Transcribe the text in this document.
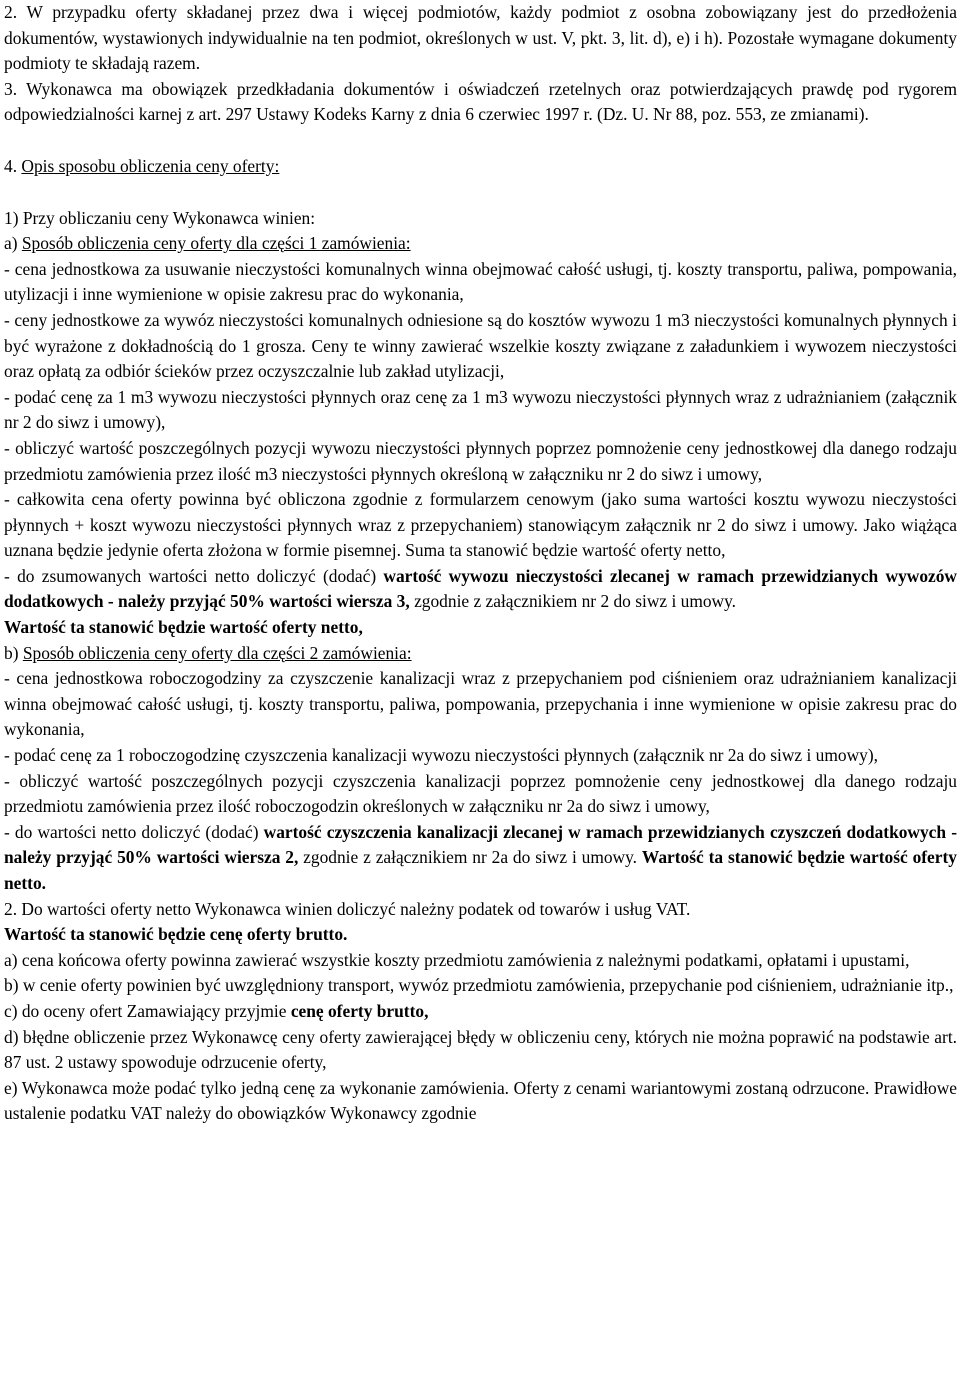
2. W przypadku oferty składanej przez dwa i więcej podmiotów, każdy podmiot z osobna zobowiązany jest do przedłożenia dokumentów, wystawionych indywidualnie na ten podmiot, określonych w ust. V, pkt. 3, lit. d), e) i h). Pozostałe wymagane dokumenty podmioty te składają razem.

3. Wykonawca ma obowiązek przedkładania dokumentów i oświadczeń rzetelnych oraz potwierdzających prawdę pod rygorem odpowiedzialności karnej z art. 297 Ustawy Kodeks Karny z dnia 6 czerwiec 1997 r. (Dz. U. Nr 88, poz. 553, ze zmianami).

4. Opis sposobu obliczenia ceny oferty:

1) Przy obliczaniu ceny Wykonawca winien:

a) Sposób obliczenia ceny oferty dla części 1 zamówienia:

- cena jednostkowa za usuwanie nieczystości komunalnych winna obejmować całość usługi, tj. koszty transportu, paliwa, pompowania, utylizacji i inne wymienione w opisie zakresu prac do wykonania,

- ceny jednostkowe za wywóz nieczystości komunalnych odniesione są do kosztów wywozu 1 m3 nieczystości komunalnych płynnych i być wyrażone z dokładnością do 1 grosza. Ceny te winny zawierać wszelkie koszty związane z załadunkiem i wywozem nieczystości oraz opłatą za odbiór ścieków przez oczyszczalnie lub zakład utylizacji,

- podać cenę za 1 m3 wywozu nieczystości płynnych oraz cenę za 1 m3 wywozu nieczystości płynnych wraz z udrażnianiem (załącznik nr 2 do siwz i umowy),

- obliczyć wartość poszczególnych pozycji wywozu nieczystości płynnych poprzez pomnożenie ceny jednostkowej dla danego rodzaju przedmiotu zamówienia przez ilość m3 nieczystości płynnych określoną w załączniku nr 2 do siwz i umowy,

- całkowita cena oferty powinna być obliczona zgodnie z formularzem cenowym (jako suma wartości kosztu wywozu nieczystości płynnych + koszt wywozu nieczystości płynnych wraz z przepychaniem) stanowiącym załącznik nr 2 do siwz i umowy. Jako wiążąca uznana będzie jedynie oferta złożona w formie pisemnej. Suma ta stanowić będzie wartość oferty netto,

- do zsumowanych wartości netto doliczyć (dodać) wartość wywozu nieczystości zlecanej w ramach przewidzianych wywozów dodatkowych - należy przyjąć 50% wartości wiersza 3, zgodnie z załącznikiem nr 2 do siwz i umowy.

Wartość ta stanowić będzie wartość oferty netto,

b) Sposób obliczenia ceny oferty dla części 2 zamówienia:

- cena jednostkowa roboczogodziny za czyszczenie kanalizacji wraz z przepychaniem pod ciśnieniem oraz udrażnianiem kanalizacji winna obejmować całość usługi, tj. koszty transportu, paliwa, pompowania, przepychania i inne wymienione w opisie zakresu prac do wykonania,

- podać cenę za 1 roboczogodzinę czyszczenia kanalizacji wywozu nieczystości płynnych (załącznik nr 2a do siwz i umowy),

- obliczyć wartość poszczególnych pozycji czyszczenia kanalizacji poprzez pomnożenie ceny jednostkowej dla danego rodzaju przedmiotu zamówienia przez ilość roboczogodzin określonych w załączniku nr 2a do siwz i umowy,

- do wartości netto doliczyć (dodać) wartość czyszczenia kanalizacji zlecanej w ramach przewidzianych czyszczeń dodatkowych - należy przyjąć 50% wartości wiersza 2, zgodnie z załącznikiem nr 2a do siwz i umowy. Wartość ta stanowić będzie wartość oferty netto.

2. Do wartości oferty netto Wykonawca winien doliczyć należny podatek od towarów i usług VAT.

Wartość ta stanowić będzie cenę oferty brutto.

a) cena końcowa oferty powinna zawierać wszystkie koszty przedmiotu zamówienia z należnymi podatkami, opłatami i upustami,

b) w cenie oferty powinien być uwzględniony transport, wywóz przedmiotu zamówienia, przepychanie pod ciśnieniem, udrażnianie itp.,

c) do oceny ofert Zamawiający przyjmie cenę oferty brutto,

d) błędne obliczenie przez Wykonawcę ceny oferty zawierającej błędy w obliczeniu ceny, których nie można poprawić na podstawie art. 87 ust. 2 ustawy spowoduje odrzucenie oferty,

e) Wykonawca może podać tylko jedną cenę za wykonanie zamówienia. Oferty z cenami wariantowymi zostaną odrzucone. Prawidłowe ustalenie podatku VAT należy do obowiązków Wykonawcy zgodnie
